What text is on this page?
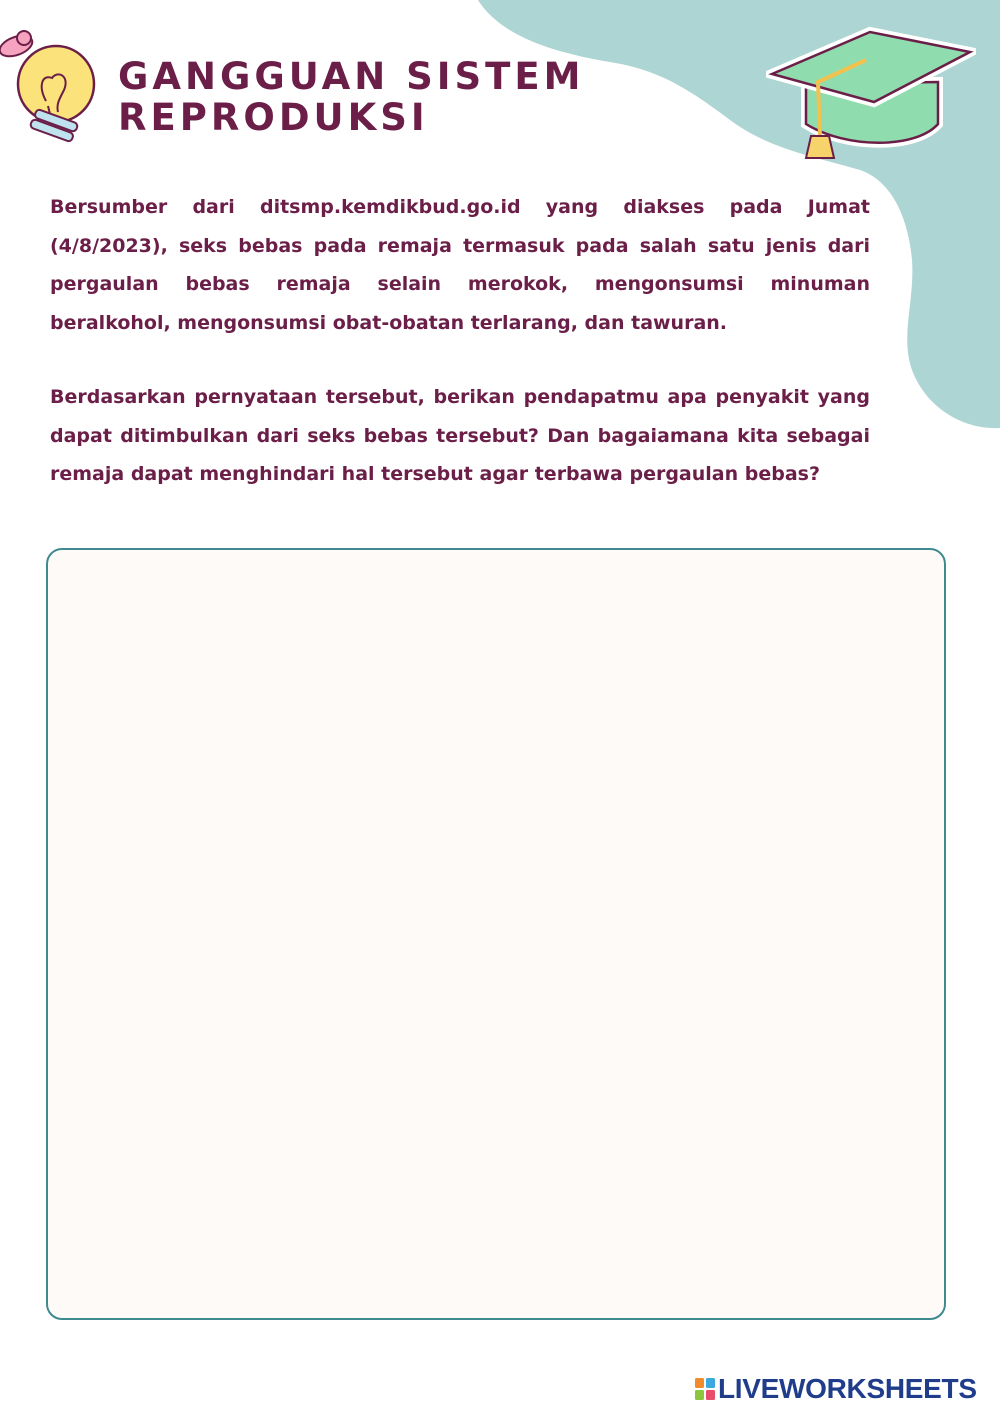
GANGGUAN SISTEM
REPRODUKSI

Bersumber dari ditsmp.kemdikbud.go.id yang diakses pada Jumat (4/8/2023), seks bebas pada remaja termasuk pada salah satu jenis dari pergaulan bebas remaja selain merokok, mengonsumsi minuman beralkohol, mengonsumsi obat-obatan terlarang, dan tawuran.

Berdasarkan pernyataan tersebut, berikan pendapatmu apa penyakit yang dapat ditimbulkan dari seks bebas tersebut? Dan bagaiamana kita sebagai remaja dapat menghindari hal tersebut agar terbawa pergaulan bebas?

LIVEWORKSHEETS
